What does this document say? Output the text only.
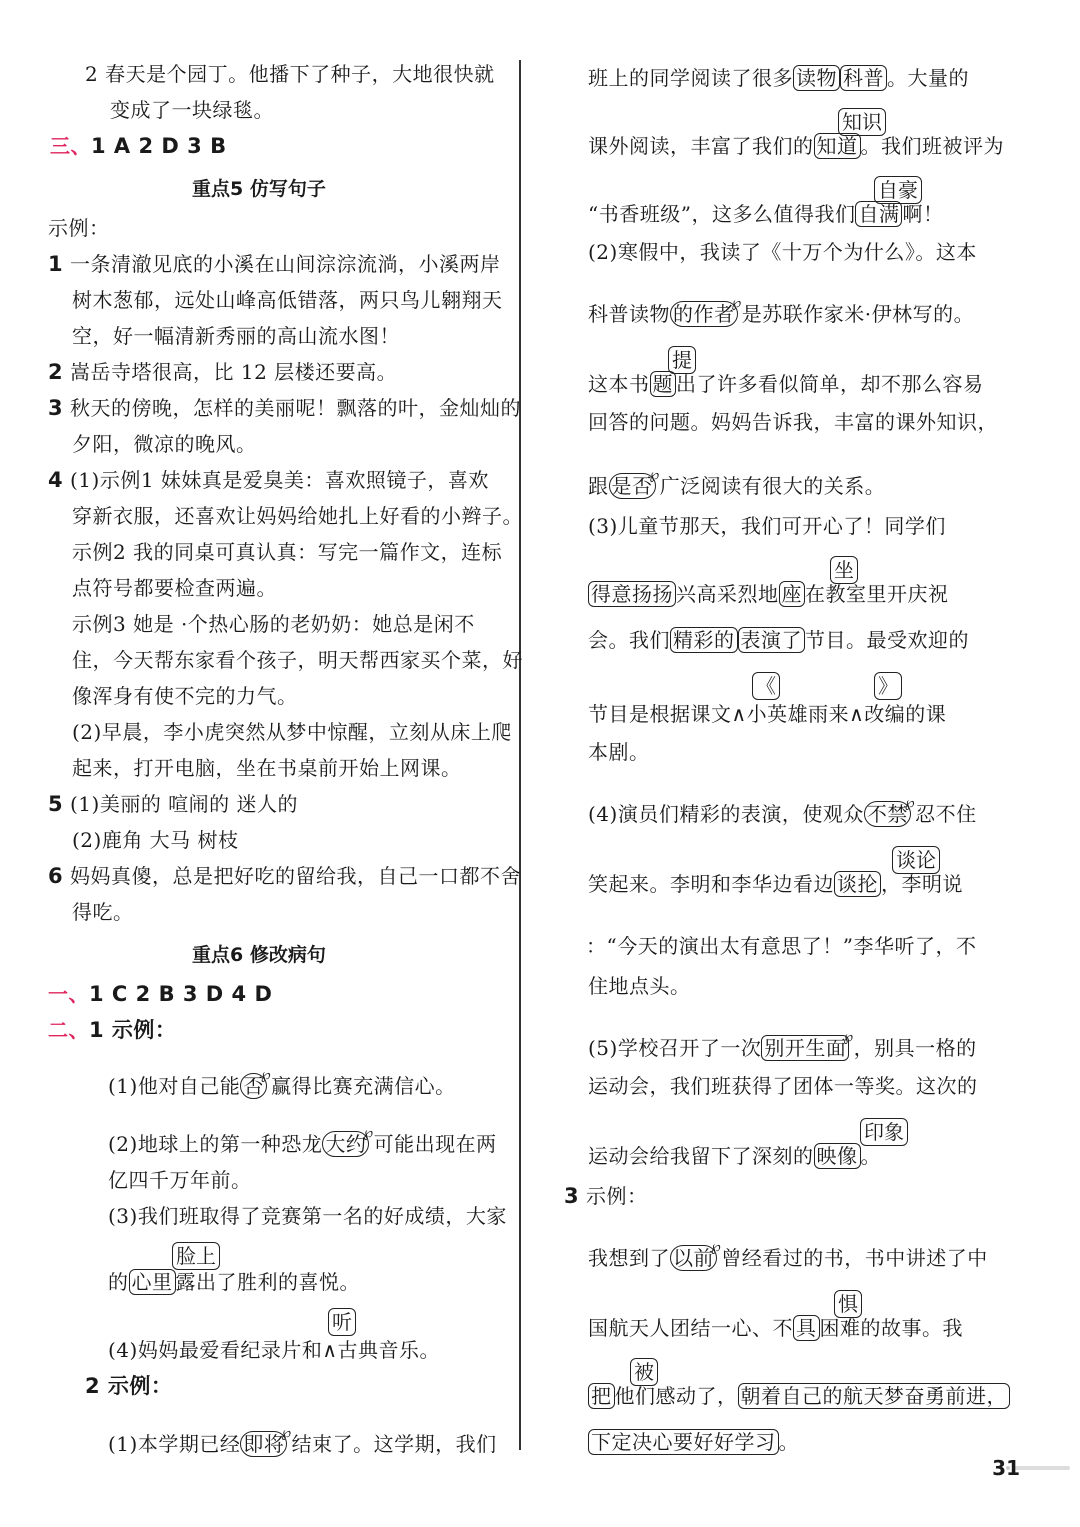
2 春天是个园丁。他播下了种子，大地很快就
变成了一块绿毯。
三、1 A 2 D 3 B
重点5 仿写句子
示例：
1 一条清澈见底的小溪在山间淙淙流淌，小溪两岸
树木葱郁，远处山峰高低错落，两只鸟儿翱翔天
空，好一幅清新秀丽的高山流水图！
2 嵩岳寺塔很高，比 12 层楼还要高。
3 秋天的傍晚，怎样的美丽呢！飘落的叶，金灿灿的
夕阳，微凉的晚风。
4 (1)示例1 妹妹真是爱臭美：喜欢照镜子，喜欢
穿新衣服，还喜欢让妈妈给她扎上好看的小辫子。
示例2 我的同桌可真认真：写完一篇作文，连标
点符号都要检查两遍。
示例3 她是 ·个热心肠的老奶奶：她总是闲不
住，今天帮东家看个孩子，明天帮西家买个菜，好
像浑身有使不完的力气。
(2)早晨，李小虎突然从梦中惊醒，立刻从床上爬
起来，打开电脑，坐在书桌前开始上网课。
5 (1)美丽的 喧闹的 迷人的
(2)鹿角 大马 树枝
6 妈妈真傻，总是把好吃的留给我，自己一口都不舍
得吃。
重点6 修改病句
一、1 C 2 B 3 D 4 D
二、1 示例：
(1)他对自己能 否℘赢得比赛充满信心。
(2)地球上的第一种恐龙 大约℘可能出现在两
亿四千万年前。
(3)我们班取得了竞赛第一名的好成绩，大家
脸上
的 心里 露出了胜利的喜悦。
听
(4)妈妈最爱看纪录片和∧古典音乐。
2 示例：
(1)本学期已经 即将℘结束了。这学期，我们
班上的同学阅读了很多 读物 科普 。大量的
知识
课外阅读，丰富了我们的 知道 。我们班被评为
自豪
“书香班级”，这多么值得我们 自满 啊！
(2)寒假中，我读了《十万个为什么》。这本
科普读物 的作者℘是苏联作家米·伊林写的。
提
这本书 题 出了许多看似简单，却不那么容易
回答的问题。妈妈告诉我，丰富的课外知识，
跟 是否℘广泛阅读有很大的关系。
(3)儿童节那天，我们可开心了！同学们
坐
得意扬扬 兴高采烈地 座 在教室里开庆祝
会。我们 精彩的 表演了 节目。最受欢迎的
《	》
节目是根据课文∧小英雄雨来∧改编的课
本剧。
(4)演员们精彩的表演，使观众 不禁℘忍不住
谈论
笑起来。李明和李华边看边 谈抡 ，李明说
：“今天的演出太有意思了！”李华听了，不
住地点头。
(5)学校召开了一次 别开生面℘，别具一格的
运动会，我们班获得了团体一等奖。这次的
印象
运动会给我留下了深刻的 映像 。
3 示例：
我想到了 以前℘曾经看过的书，书中讲述了中
惧
国航天人团结一心、不 具 困难的故事。我
被
把 他们感动了， 朝着自己的航天梦奋勇前进，
下定决心要好好学习 。
31
